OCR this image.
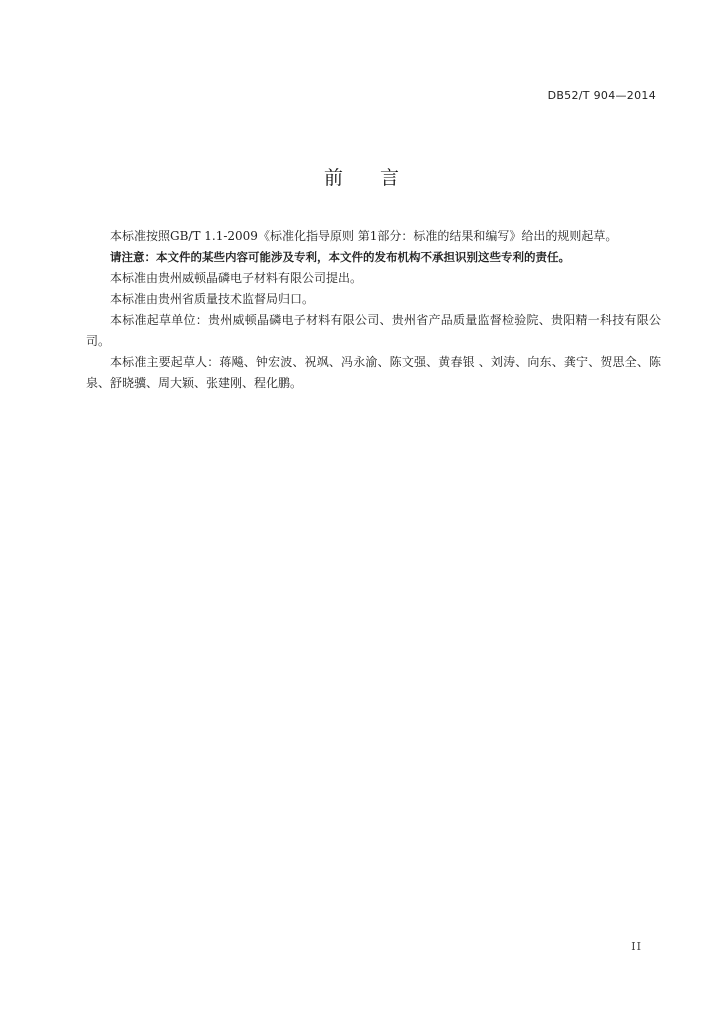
DB52/T 904—2014
前 言

本标准按照GB/T 1.1-2009《标准化指导原则 第1部分：标准的结果和编写》给出的规则起草。

请注意：本文件的某些内容可能涉及专利，本文件的发布机构不承担识别这些专利的责任。

本标准由贵州威顿晶磷电子材料有限公司提出。

本标准由贵州省质量技术监督局归口。

本标准起草单位：贵州威顿晶磷电子材料有限公司、贵州省产品质量监督检验院、贵阳精一科技有限公司。

本标准主要起草人：蒋飚、钟宏波、祝飒、冯永渝、陈文强、黄春银 、刘涛、向东、龚宁、贺思全、陈泉、舒晓骥、周大颖、张建刚、程化鹏。

II
